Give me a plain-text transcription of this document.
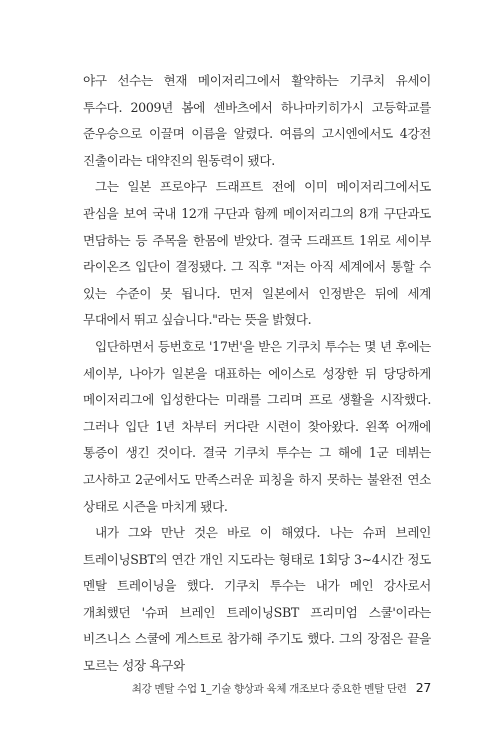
야구 선수는 현재 메이저리그에서 활약하는 기쿠치 유세이 투수다. 2009년 봄에 센바츠에서 하나마키히가시 고등학교를 준우승으로 이끌며 이름을 알렸다. 여름의 고시엔에서도 4강전 진출이라는 대약진의 원동력이 됐다.

그는 일본 프로야구 드래프트 전에 이미 메이저리그에서도 관심을 보여 국내 12개 구단과 함께 메이저리그의 8개 구단과도 면담하는 등 주목을 한몸에 받았다. 결국 드래프트 1위로 세이부 라이온즈 입단이 결정됐다. 그 직후 "저는 아직 세계에서 통할 수 있는 수준이 못 됩니다. 먼저 일본에서 인정받은 뒤에 세계 무대에서 뛰고 싶습니다."라는 뜻을 밝혔다.

입단하면서 등번호로 '17번'을 받은 기쿠치 투수는 몇 년 후에는 세이부, 나아가 일본을 대표하는 에이스로 성장한 뒤 당당하게 메이저리그에 입성한다는 미래를 그리며 프로 생활을 시작했다. 그러나 입단 1년 차부터 커다란 시련이 찾아왔다. 왼쪽 어깨에 통증이 생긴 것이다. 결국 기쿠치 투수는 그 해에 1군 데뷔는 고사하고 2군에서도 만족스러운 피칭을 하지 못하는 불완전 연소 상태로 시즌을 마치게 됐다.

내가 그와 만난 것은 바로 이 해였다. 나는 슈퍼 브레인 트레이닝SBT의 연간 개인 지도라는 형태로 1회당 3~4시간 정도 멘탈 트레이닝을 했다. 기쿠치 투수는 내가 메인 강사로서 개최했던 '슈퍼 브레인 트레이닝SBT 프리미엄 스쿨'이라는 비즈니스 스쿨에 게스트로 참가해 주기도 했다. 그의 장점은 끝을 모르는 성장 욕구와

최강 멘탈 수업 1_기술 향상과 육체 개조보다 중요한 멘탈 단련 27
